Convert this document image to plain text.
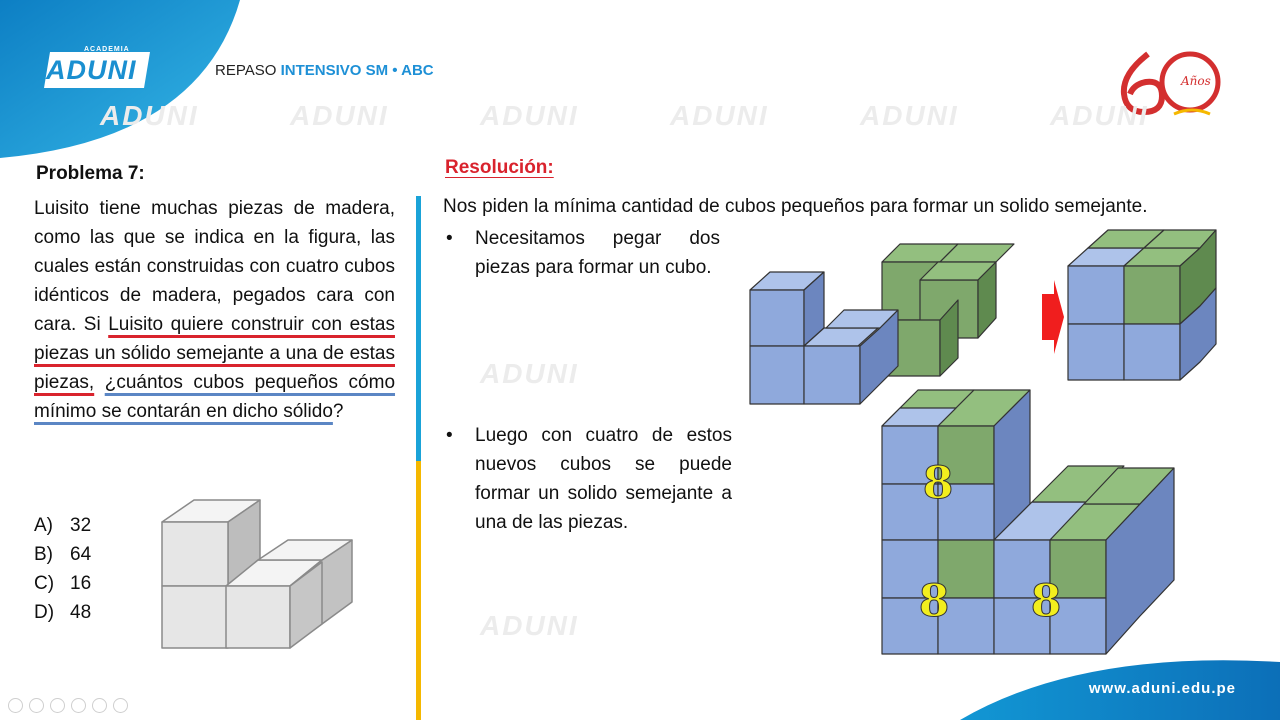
ACADEMIA
ADUNI	REPASO INTENSIVO SM • ABC
Años
ADUNI	ADUNI	ADUNI	ADUNI	ADUNI	ADUNI
ADUNI
ADUNI
Problema 7:
Luisito tiene muchas piezas de madera, como las que se indica en la figura, las cuales están construidas con cuatro cubos idénticos de madera, pegados cara con cara. Si Luisito quiere construir con estas piezas un sólido semejante a una de estas piezas, ¿cuántos cubos pequeños cómo mínimo se contarán en dicho sólido?
A) 32
B) 64
C) 16
D) 48
Resolución:
Nos piden la mínima cantidad de cubos pequeños para formar un solido semejante.
• Necesitamos pegar dos piezas para formar un cubo.
• Luego con cuatro de estos nuevos cubos se puede formar un solido semejante a una de las piezas.
8
8 8
www.aduni.edu.pe
